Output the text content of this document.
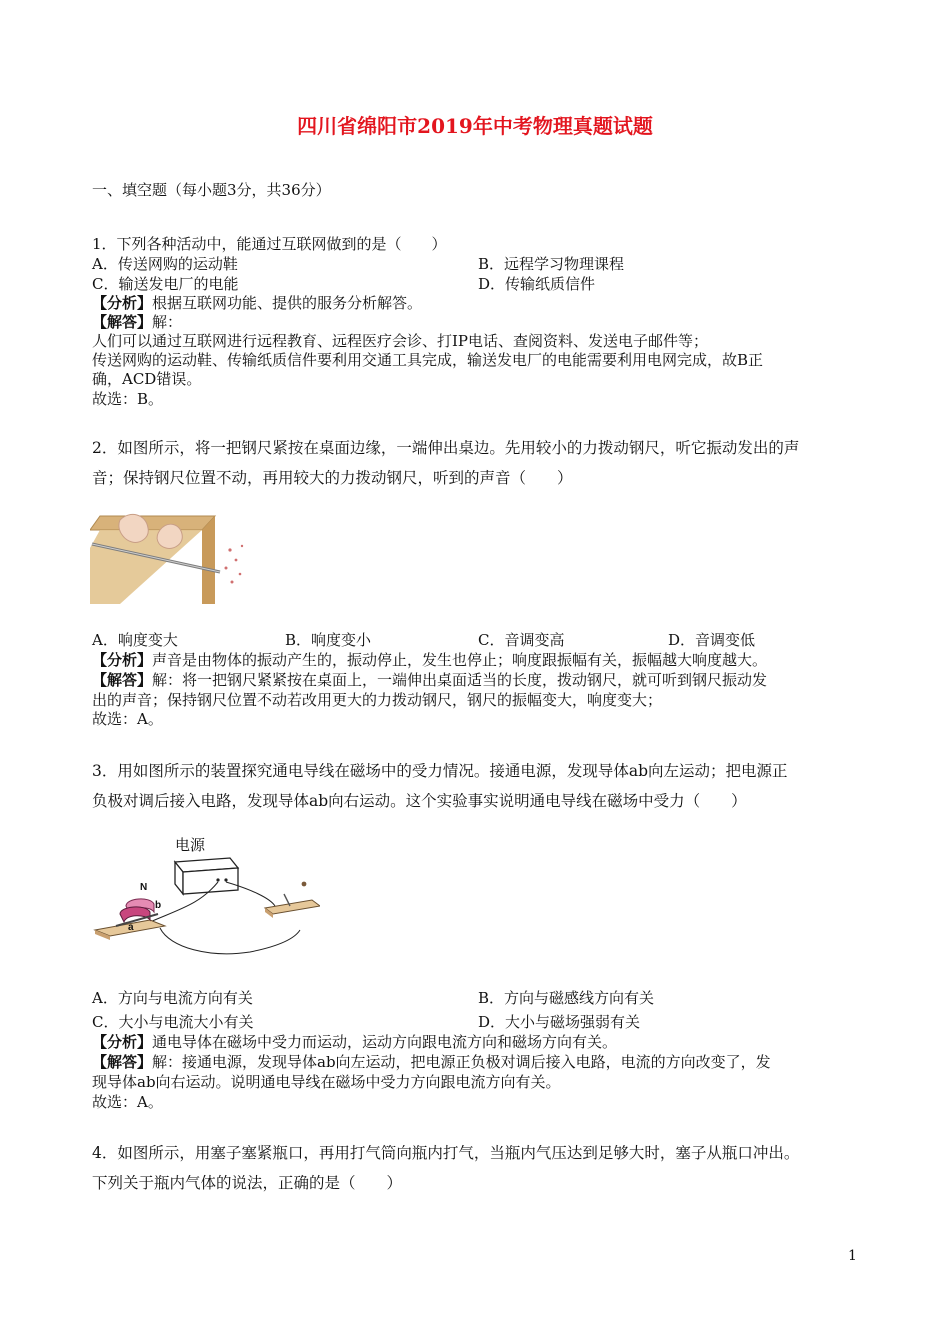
四川省绵阳市2019年中考物理真题试题
一、填空题（每小题3分，共36分）
1．下列各种活动中，能通过互联网做到的是（　　）
A．传送网购的运动鞋	B．远程学习物理课程
C．输送发电厂的电能	D．传输纸质信件
【分析】根据互联网功能、提供的服务分析解答。
【解答】解：
人们可以通过互联网进行远程教育、远程医疗会诊、打IP电话、查阅资料、发送电子邮件等；
传送网购的运动鞋、传输纸质信件要利用交通工具完成，输送发电厂的电能需要利用电网完成，故B正
确，ACD错误。
故选：B。
2．如图所示，将一把钢尺紧按在桌面边缘，一端伸出桌边。先用较小的力拨动钢尺，听它振动发出的声
音；保持钢尺位置不动，再用较大的力拨动钢尺，听到的声音（　　）
A．响度变大	B．响度变小	C．音调变高	D．音调变低
【分析】声音是由物体的振动产生的，振动停止，发生也停止；响度跟振幅有关，振幅越大响度越大。
【解答】解：将一把钢尺紧紧按在桌面上，一端伸出桌面适当的长度，拨动钢尺，就可听到钢尺振动发
出的声音；保持钢尺位置不动若改用更大的力拨动钢尺，钢尺的振幅变大，响度变大；
故选：A。
3．用如图所示的装置探究通电导线在磁场中的受力情况。接通电源，发现导体ab向左运动；把电源正
负极对调后接入电路，发现导体ab向右运动。这个实验事实说明通电导线在磁场中受力（　　）
电源
N
b
a
A．方向与电流方向有关	B．方向与磁感线方向有关
C．大小与电流大小有关	D．大小与磁场强弱有关
【分析】通电导体在磁场中受力而运动，运动方向跟电流方向和磁场方向有关。
【解答】解：接通电源，发现导体ab向左运动，把电源正负极对调后接入电路，电流的方向改变了，发
现导体ab向右运动。说明通电导线在磁场中受力方向跟电流方向有关。
故选：A。
4．如图所示，用塞子塞紧瓶口，再用打气筒向瓶内打气，当瓶内气压达到足够大时，塞子从瓶口冲出。
下列关于瓶内气体的说法，正确的是（　　）
1
